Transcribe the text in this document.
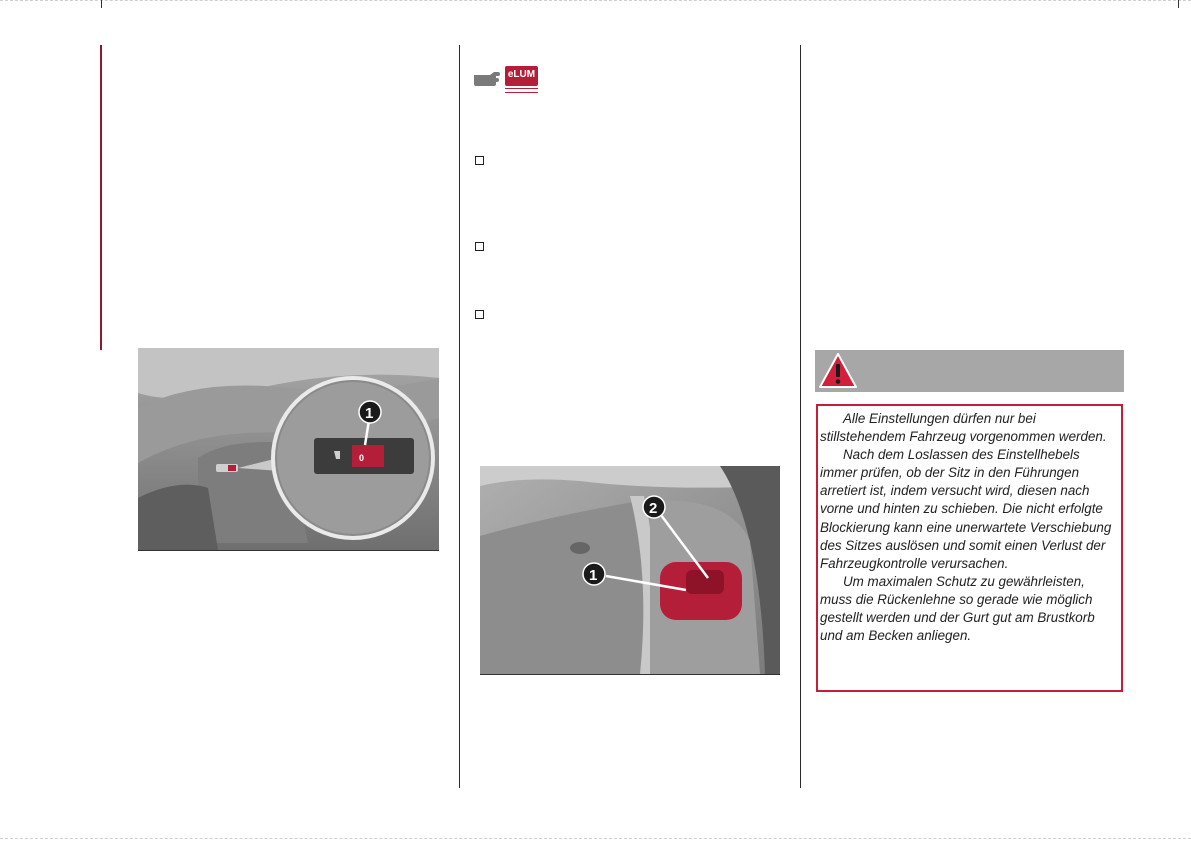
eLUM
0
1
2
1

Alle Einstellungen dürfen nur bei stillstehendem Fahrzeug vorgenommen werden.

Nach dem Loslassen des Einstellhebels immer prüfen, ob der Sitz in den Führungen arretiert ist, indem versucht wird, diesen nach vorne und hinten zu schieben. Die nicht erfolgte Blockierung kann eine unerwartete Verschiebung des Sitzes auslösen und somit einen Verlust der Fahrzeugkontrolle verursachen.

Um maximalen Schutz zu gewährleisten, muss die Rückenlehne so gerade wie möglich gestellt werden und der Gurt gut am Brustkorb und am Becken anliegen.
